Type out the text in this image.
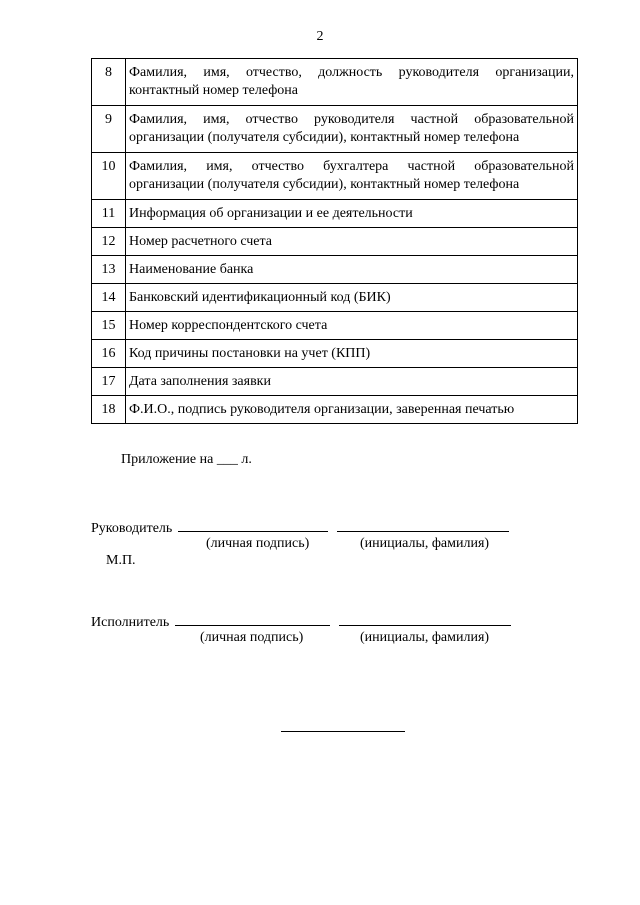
2
8	Фамилия, имя, отчество, должность руководителя организации, контактный номер телефона
9	Фамилия, имя, отчество руководителя частной образовательной организации (получателя субсидии), контактный номер телефона
10	Фамилия, имя, отчество бухгалтера частной образовательной организации (получателя субсидии), контактный номер телефона
11	Информация об организации и ее деятельности
12	Номер расчетного счета
13	Наименование банка
14	Банковский идентификационный код (БИК)
15	Номер корреспондентского счета
16	Код причины постановки на учет (КПП)
17	Дата заполнения заявки
18	Ф.И.О., подпись руководителя организации, заверенная печатью
Приложение на ___ л.
Руководитель
(личная подпись)	(инициалы, фамилия)
М.П.
Исполнитель
(личная подпись)	(инициалы, фамилия)
